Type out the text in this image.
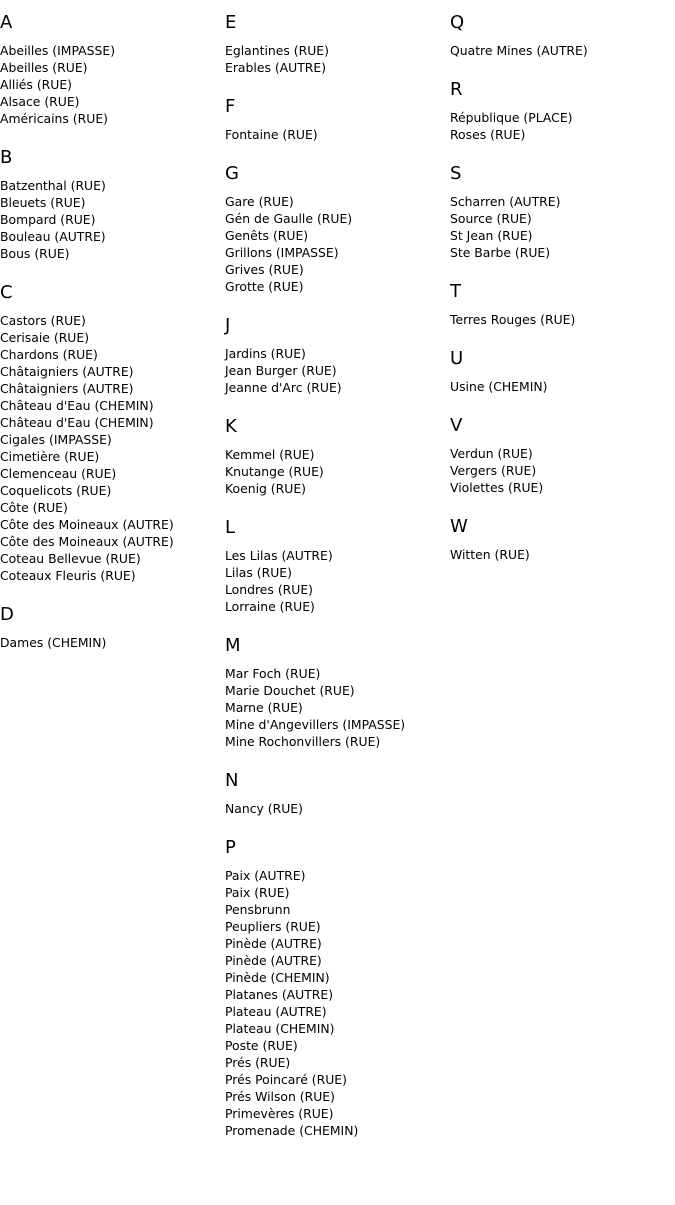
A
Abeilles (IMPASSE)
Abeilles (RUE)
Alliés (RUE)
Alsace (RUE)
Américains (RUE)
B
Batzenthal (RUE)
Bleuets (RUE)
Bompard (RUE)
Bouleau (AUTRE)
Bous (RUE)
C
Castors (RUE)
Cerisaie (RUE)
Chardons (RUE)
Châtaigniers (AUTRE)
Châtaigniers (AUTRE)
Château d'Eau (CHEMIN)
Château d'Eau (CHEMIN)
Cigales (IMPASSE)
Cimetière (RUE)
Clemenceau (RUE)
Coquelicots (RUE)
Côte (RUE)
Côte des Moineaux (AUTRE)
Côte des Moineaux (AUTRE)
Coteau Bellevue (RUE)
Coteaux Fleuris (RUE)
D
Dames (CHEMIN)
E
Eglantines (RUE)
Erables (AUTRE)
F
Fontaine (RUE)
G
Gare (RUE)
Gén de Gaulle (RUE)
Genêts (RUE)
Grillons (IMPASSE)
Grives (RUE)
Grotte (RUE)
J
Jardins (RUE)
Jean Burger (RUE)
Jeanne d'Arc (RUE)
K
Kemmel (RUE)
Knutange (RUE)
Koenig (RUE)
L
Les Lilas (AUTRE)
Lilas (RUE)
Londres (RUE)
Lorraine (RUE)
M
Mar Foch (RUE)
Marie Douchet (RUE)
Marne (RUE)
Mine d'Angevillers (IMPASSE)
Mine Rochonvillers (RUE)
N
Nancy (RUE)
P
Paix (AUTRE)
Paix (RUE)
Pensbrunn
Peupliers (RUE)
Pinède (AUTRE)
Pinède (AUTRE)
Pinède (CHEMIN)
Platanes (AUTRE)
Plateau (AUTRE)
Plateau (CHEMIN)
Poste (RUE)
Prés (RUE)
Prés Poincaré (RUE)
Prés Wilson (RUE)
Primevères (RUE)
Promenade (CHEMIN)
Q
Quatre Mines (AUTRE)
R
République (PLACE)
Roses (RUE)
S
Scharren (AUTRE)
Source (RUE)
St Jean (RUE)
Ste Barbe (RUE)
T
Terres Rouges (RUE)
U
Usine (CHEMIN)
V
Verdun (RUE)
Vergers (RUE)
Violettes (RUE)
W
Witten (RUE)
